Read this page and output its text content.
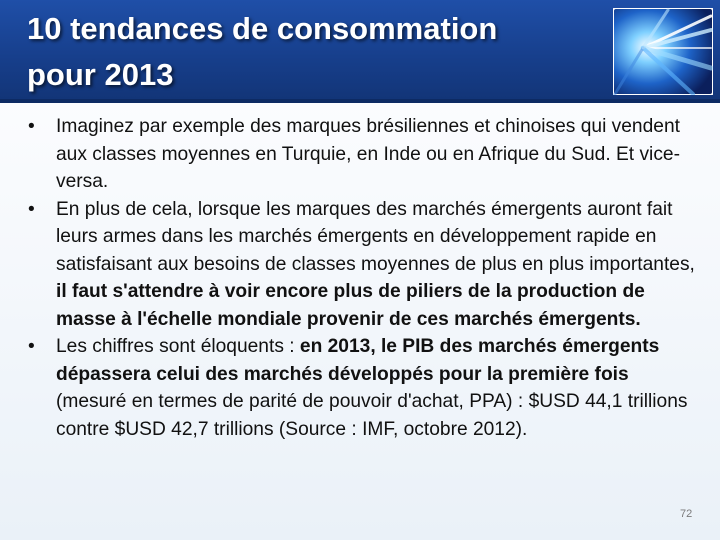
10 tendances de consommation
pour 2013
• Imaginez par exemple des marques brésiliennes et chinoises qui vendent aux classes moyennes en Turquie, en Inde ou en Afrique du Sud. Et vice-versa.
• En plus de cela, lorsque les marques des marchés émergents auront fait leurs armes dans les marchés émergents en développement rapide en satisfaisant aux besoins de classes moyennes de plus en plus importantes, il faut s'attendre à voir encore plus de piliers de la production de masse à l'échelle mondiale provenir de ces marchés émergents.
• Les chiffres sont éloquents : en 2013, le PIB des marchés émergents dépassera celui des marchés développés pour la première fois (mesuré en termes de parité de pouvoir d'achat, PPA) : $USD 44,1 trillions contre $USD 42,7 trillions (Source : IMF, octobre 2012).
72
